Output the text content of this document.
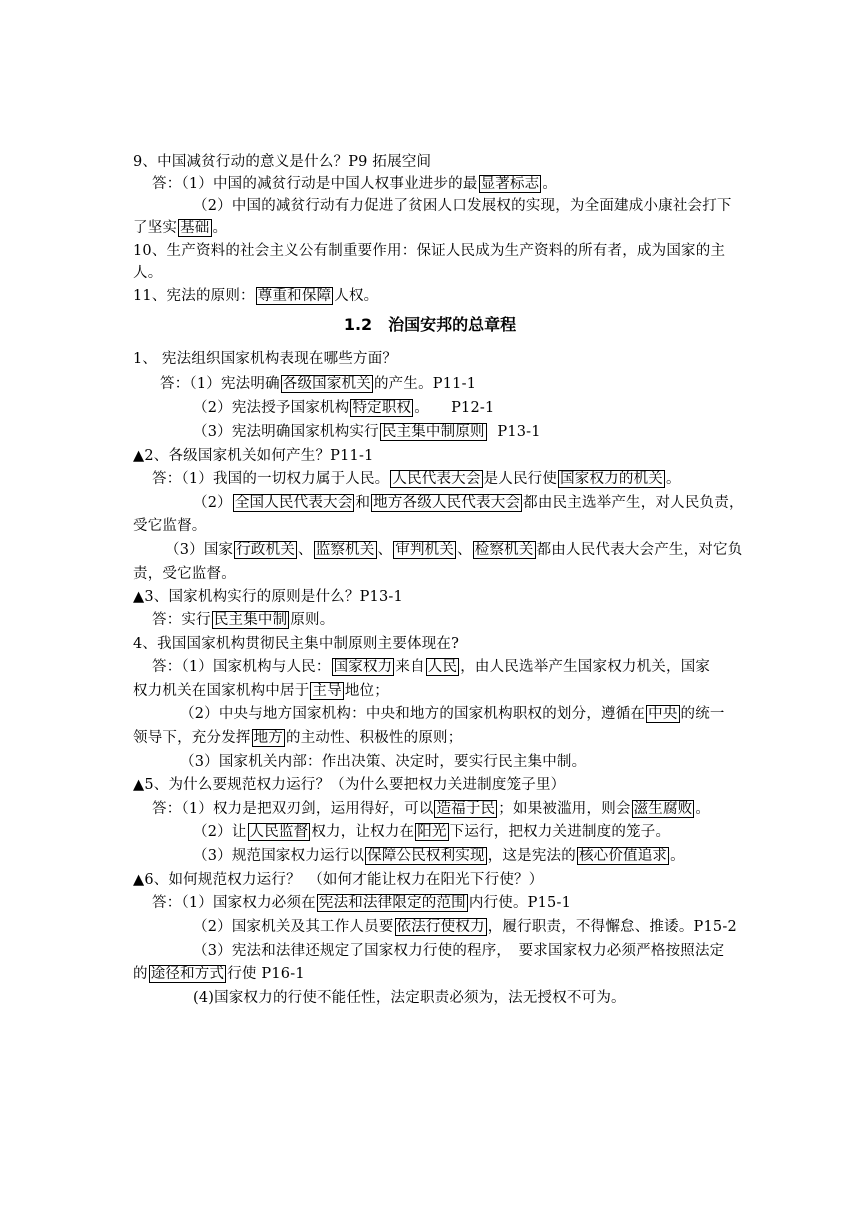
9、中国减贫行动的意义是什么？P9 拓展空间
答：（1）中国的减贫行动是中国人权事业进步的最 显著标志 。
（2）中国的减贫行动有力促进了贫困人口发展权的实现，为全面建成小康社会打下
了坚实 基础 。
10、生产资料的社会主义公有制重要作用：保证人民成为生产资料的所有者，成为国家的主
人。
11、宪法的原则： 尊重和保障 人权。
1.2　治国安邦的总章程
1、 宪法组织国家机构表现在哪些方面？
答：（1）宪法明确 各级国家机关 的产生。P11-1
（2）宪法授予国家机构 特定职权 。　　P12-1
（3）宪法明确国家机构实行 民主集中制原则 P13-1
▲2、各级国家机关如何产生？P11-1
答：（1）我国的一切权力属于人民。 人民代表大会 是人民行使 国家权力的机关 。
（2） 全国人民代表大会 和 地方各级人民代表大会 都由民主选举产生，对人民负责，
受它监督。
（3）国家 行政机关 、 监察机关 、 审判机关 、 检察机关 都由人民代表大会产生，对它负
责，受它监督。
▲3、国家机构实行的原则是什么？P13-1
答：实行 民主集中制 原则。
4、我国国家机构贯彻民主集中制原则主要体现在?
答：（1）国家机构与人民： 国家权力 来自 人民 ，由人民选举产生国家权力机关，国家
权力机关在国家机构中居于 主导 地位；
（2）中央与地方国家机构：中央和地方的国家机构职权的划分，遵循在 中央 的统一
领导下，充分发挥 地方 的主动性、积极性的原则；
（3）国家机关内部：作出决策、决定时，要实行民主集中制。
▲5、为什么要规范权力运行？（为什么要把权力关进制度笼子里）
答：（1）权力是把双刃剑，运用得好，可以 造福于民 ；如果被滥用，则会 滋生腐败 。
（2）让 人民监督 权力，让权力在 阳光 下运行，把权力关进制度的笼子。
（3）规范国家权力运行以 保障公民权利实现 ，这是宪法的 核心价值追求 。
▲6、如何规范权力运行？　（如何才能让权力在阳光下行使？）
答：（1）国家权力必须在 宪法和法律限定的范围 内行使。P15-1
（2）国家机关及其工作人员要 依法行使权力 ，履行职责，不得懈怠、推诿。P15-2
（3）宪法和法律还规定了国家权力行使的程序，　要求国家权力必须严格按照法定
的 途径和方式 行使 P16-1
(4)国家权力的行使不能任性，法定职责必须为，法无授权不可为。
